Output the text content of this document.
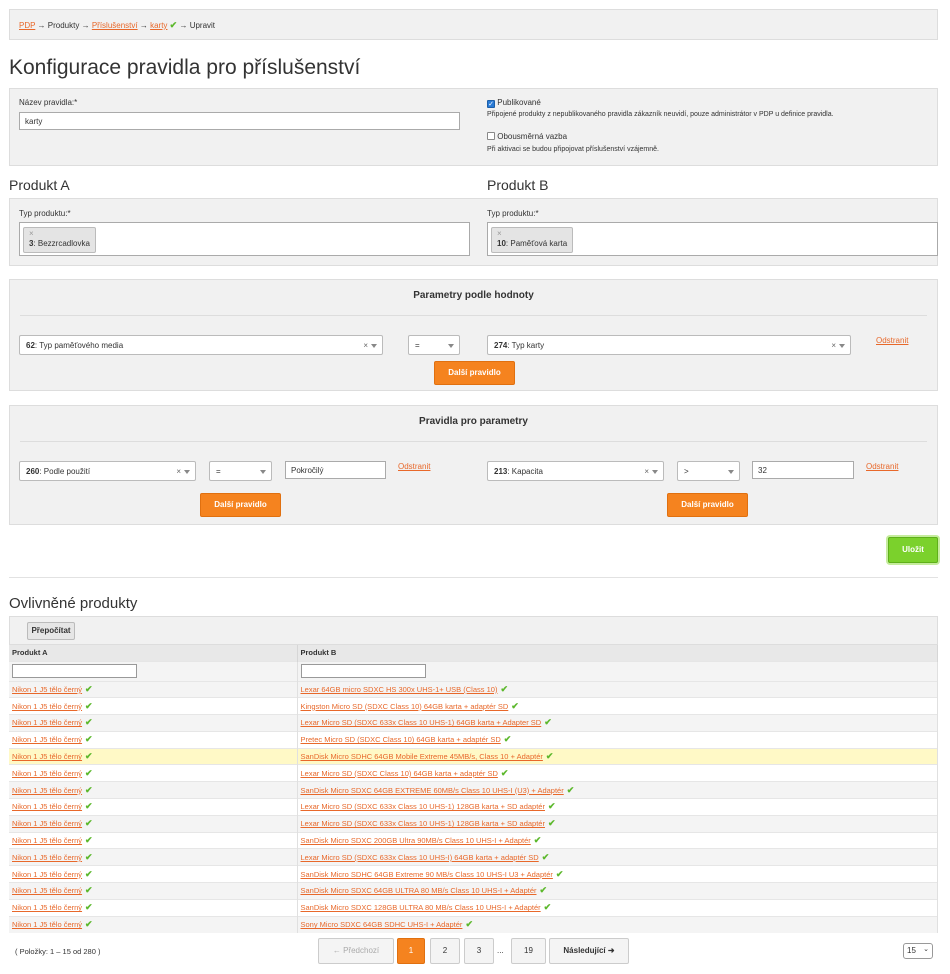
PDP → Produkty → Příslušenství → karty ✔ → Upravit
Konfigurace pravidla pro příslušenství
Název pravidla:*
karty
✓ Publikované
Připojené produkty z nepublikovaného pravidla zákazník neuvidí, pouze administrátor v PDP u definice pravidla.
Obousměrná vazba
Při aktivaci se budou připojovat příslušenství vzájemně.
Produkt A	Produkt B
Typ produktu:*
×
3: Bezzrcadlovka
Typ produktu:*
×
10: Paměťová karta
Parametry podle hodnoty
62: Typ paměťového media	×	=	274: Typ karty	×
Odstranit
Další pravidlo
Pravidla pro parametry
260: Podle použití	×	=	Pokročilý	Odstranit
Další pravidlo
213: Kapacita	×	>	32	Odstranit
Další pravidlo
Uložit
Ovlivněné produkty
Přepočítat
Produkt A	Produkt B

Nikon 1 J5 tělo černý ✔	Lexar 64GB micro SDXC HS 300x UHS-1+ USB (Class 10) ✔
Nikon 1 J5 tělo černý ✔	Kingston Micro SD (SDXC Class 10) 64GB karta + adaptér SD ✔
Nikon 1 J5 tělo černý ✔	Lexar Micro SD (SDXC 633x Class 10 UHS-1) 64GB karta + Adapter SD ✔
Nikon 1 J5 tělo černý ✔	Pretec Micro SD (SDXC Class 10) 64GB karta + adaptér SD ✔
Nikon 1 J5 tělo černý ✔	SanDisk Micro SDHC 64GB Mobile Extreme 45MB/s, Class 10 + Adaptér ✔
Nikon 1 J5 tělo černý ✔	Lexar Micro SD (SDXC Class 10) 64GB karta + adaptér SD ✔
Nikon 1 J5 tělo černý ✔	SanDisk Micro SDXC 64GB EXTREME 60MB/s Class 10 UHS-I (U3) + Adaptér ✔
Nikon 1 J5 tělo černý ✔	Lexar Micro SD (SDXC 633x Class 10 UHS-1) 128GB karta + SD adaptér ✔
Nikon 1 J5 tělo černý ✔	Lexar Micro SD (SDXC 633x Class 10 UHS-1) 128GB karta + SD adaptér ✔
Nikon 1 J5 tělo černý ✔	SanDisk Micro SDXC 200GB Ultra 90MB/s Class 10 UHS-I + Adaptér ✔
Nikon 1 J5 tělo černý ✔	Lexar Micro SD (SDXC 633x Class 10 UHS-I) 64GB karta + adaptér SD ✔
Nikon 1 J5 tělo černý ✔	SanDisk Micro SDHC 64GB Extreme 90 MB/s Class 10 UHS-I U3 + Adaptér ✔
Nikon 1 J5 tělo černý ✔	SanDisk Micro SDXC 64GB ULTRA 80 MB/s Class 10 UHS-I + Adaptér ✔
Nikon 1 J5 tělo černý ✔	SanDisk Micro SDXC 128GB ULTRA 80 MB/s Class 10 UHS-I + Adaptér ✔
Nikon 1 J5 tělo černý ✔	Sony Micro SDXC 64GB SDHC UHS-I + Adaptér ✔
( Položky: 1 – 15 od 280 )	← Předchozí	1	2	3	...	19	Následující ➜	15 ⌄
